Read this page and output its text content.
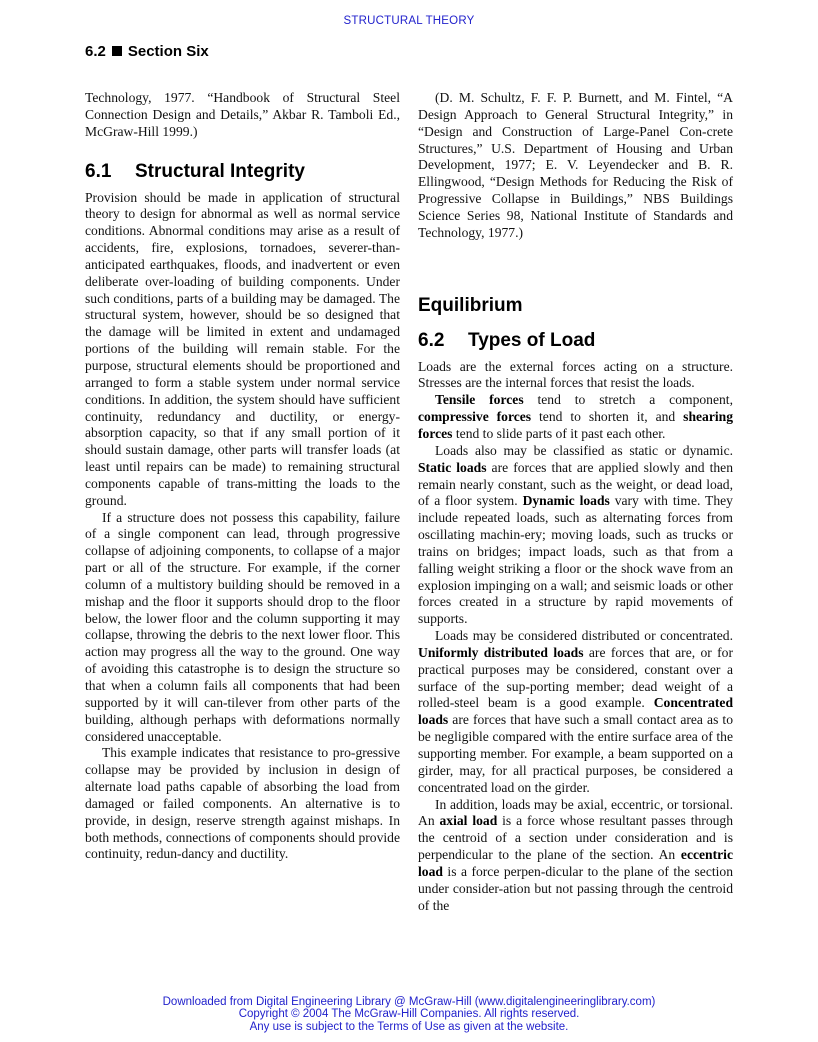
STRUCTURAL THEORY
6.2 Section Six

Technology, 1977. “Handbook of Structural Steel Connection Design and Details,” Akbar R. Tamboli Ed., McGraw-Hill 1999.)

6.1 Structural Integrity

Provision should be made in application of structural theory to design for abnormal as well as normal service conditions. Abnormal conditions may arise as a result of accidents, fire, explosions, tornadoes, severer-than-anticipated earthquakes, floods, and inadvertent or even deliberate over-loading of building components. Under such conditions, parts of a building may be damaged. The structural system, however, should be so designed that the damage will be limited in extent and undamaged portions of the building will remain stable. For the purpose, structural elements should be proportioned and arranged to form a stable system under normal service conditions. In addition, the system should have sufficient continuity, redundancy and ductility, or energy-absorption capacity, so that if any small portion of it should sustain damage, other parts will transfer loads (at least until repairs can be made) to remaining structural components capable of trans-mitting the loads to the ground.

If a structure does not possess this capability, failure of a single component can lead, through progressive collapse of adjoining components, to collapse of a major part or all of the structure. For example, if the corner column of a multistory building should be removed in a mishap and the floor it supports should drop to the floor below, the lower floor and the column supporting it may collapse, throwing the debris to the next lower floor. This action may progress all the way to the ground. One way of avoiding this catastrophe is to design the structure so that when a column fails all components that had been supported by it will can-tilever from other parts of the building, although perhaps with deformations normally considered unacceptable.

This example indicates that resistance to pro-gressive collapse may be provided by inclusion in design of alternate load paths capable of absorbing the load from damaged or failed components. An alternative is to provide, in design, reserve strength against mishaps. In both methods, connections of components should provide continuity, redun-dancy and ductility.

(D. M. Schultz, F. F. P. Burnett, and M. Fintel, “A Design Approach to General Structural Integrity,” in “Design and Construction of Large-Panel Con-crete Structures,” U.S. Department of Housing and Urban Development, 1977; E. V. Leyendecker and B. R. Ellingwood, “Design Methods for Reducing the Risk of Progressive Collapse in Buildings,” NBS Buildings Science Series 98, National Institute of Standards and Technology, 1977.)

Equilibrium
6.2 Types of Load

Loads are the external forces acting on a structure. Stresses are the internal forces that resist the loads.

Tensile forces tend to stretch a component, compressive forces tend to shorten it, and shearing forces tend to slide parts of it past each other.

Loads also may be classified as static or dynamic. Static loads are forces that are applied slowly and then remain nearly constant, such as the weight, or dead load, of a floor system. Dynamic loads vary with time. They include repeated loads, such as alternating forces from oscillating machin-ery; moving loads, such as trucks or trains on bridges; impact loads, such as that from a falling weight striking a floor or the shock wave from an explosion impinging on a wall; and seismic loads or other forces created in a structure by rapid movements of supports.

Loads may be considered distributed or concentrated. Uniformly distributed loads are forces that are, or for practical purposes may be considered, constant over a surface of the sup-porting member; dead weight of a rolled-steel beam is a good example. Concentrated loads are forces that have such a small contact area as to be negligible compared with the entire surface area of the supporting member. For example, a beam supported on a girder, may, for all practical purposes, be considered a concentrated load on the girder.

In addition, loads may be axial, eccentric, or torsional. An axial load is a force whose resultant passes through the centroid of a section under consideration and is perpendicular to the plane of the section. An eccentric load is a force perpen-dicular to the plane of the section under consider-ation but not passing through the centroid of the

Downloaded from Digital Engineering Library @ McGraw-Hill (www.digitalengineeringlibrary.com)
Copyright © 2004 The McGraw-Hill Companies. All rights reserved.
Any use is subject to the Terms of Use as given at the website.
